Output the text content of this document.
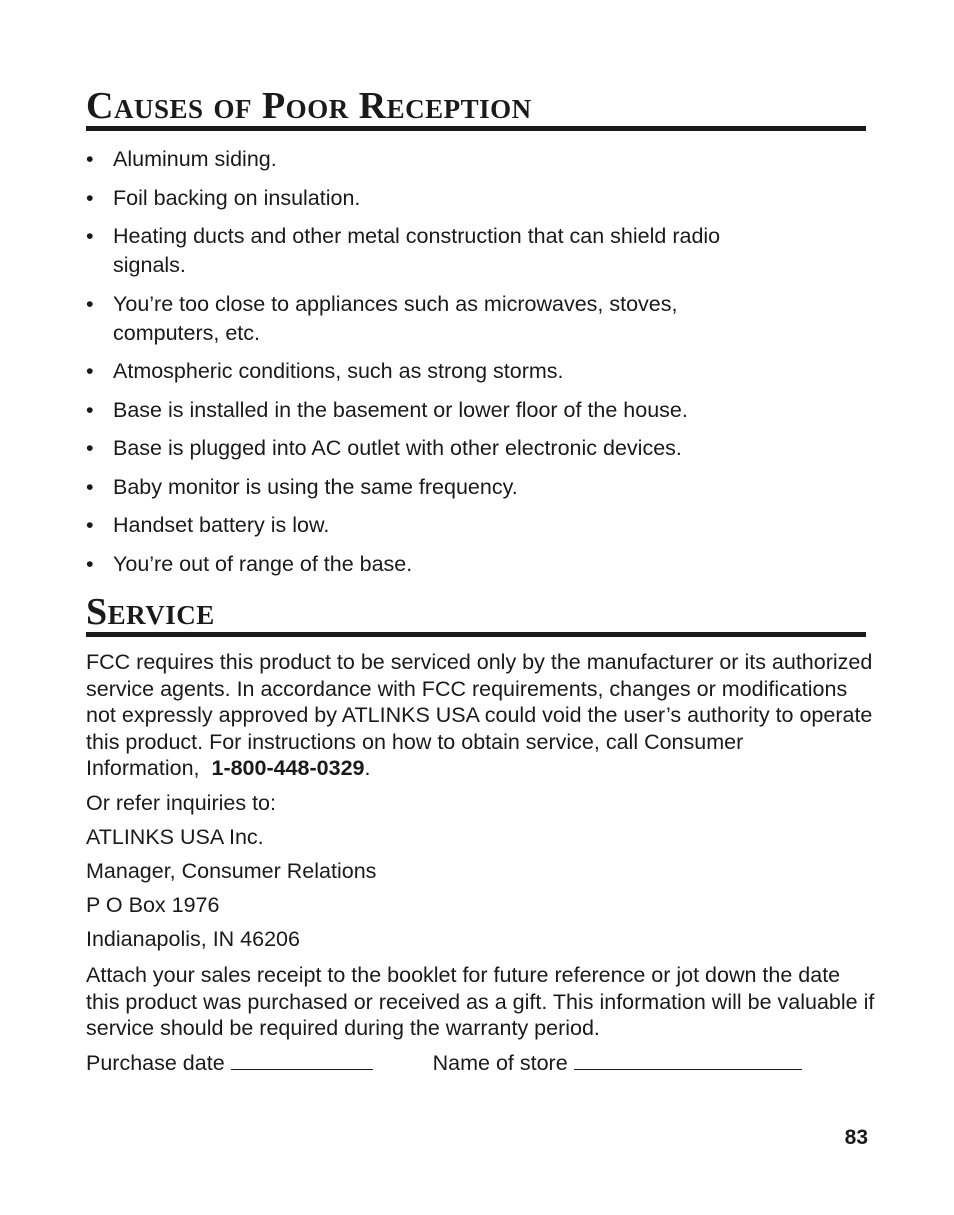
Causes of Poor Reception
• Aluminum siding.
• Foil backing on insulation.
• Heating ducts and other metal construction that can shield radio signals.
• You’re too close to appliances such as microwaves, stoves, computers, etc.
• Atmospheric conditions, such as strong storms.
• Base is installed in the basement or lower floor of the house.
• Base is plugged into AC outlet with other electronic devices.
• Baby monitor is using the same frequency.
• Handset battery is low.
• You’re out of range of the base.
Service

FCC requires this product to be serviced only by the manufacturer or its authorized service agents. In accordance with FCC requirements, changes or modifications not expressly approved by ATLINKS USA could void the user’s authority to operate this product. For instructions on how to obtain service, call Consumer Information, 1-800-448-0329.

Or refer inquiries to:

ATLINKS USA Inc.

Manager, Consumer Relations

P O Box 1976

Indianapolis, IN 46206

Attach your sales receipt to the booklet for future reference or jot down the date this product was purchased or received as a gift. This information will be valuable if service should be required during the warranty period.

Purchase date	Name of store
83
